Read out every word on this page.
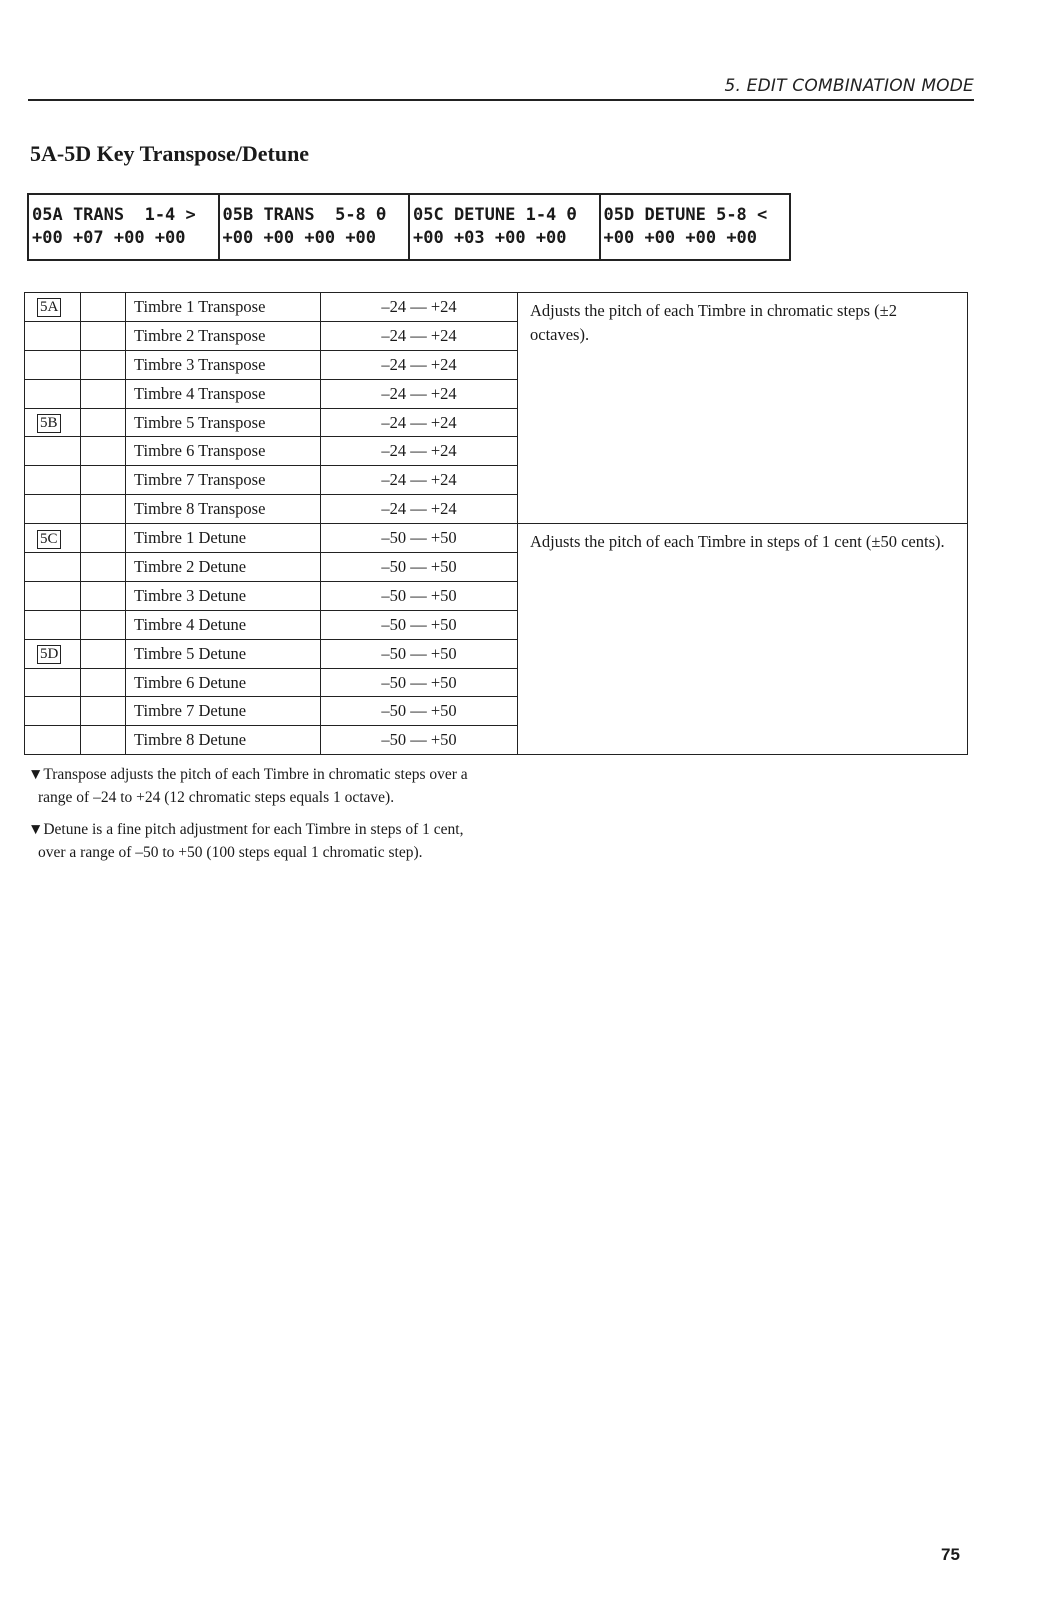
5. EDIT COMBINATION MODE
5A-5D Key Transpose/Detune
05A TRANS  1-4 >
+00 +07 +00 +00
05B TRANS  5-8 θ
+00 +00 +00 +00
05C DETUNE 1-4 θ
+00 +03 +00 +00
05D DETUNE 5-8 <
+00 +00 +00 +00
5A		Timbre 1 Transpose	–24 — +24	Adjusts the pitch of each Timbre in chromatic steps (±2 octaves).
		Timbre 2 Transpose	–24 — +24	
		Timbre 3 Transpose	–24 — +24	
		Timbre 4 Transpose	–24 — +24	
5B		Timbre 5 Transpose	–24 — +24	
		Timbre 6 Transpose	–24 — +24	
		Timbre 7 Transpose	–24 — +24	
		Timbre 8 Transpose	–24 — +24	
5C		Timbre 1 Detune	–50 — +50	Adjusts the pitch of each Timbre in steps of 1 cent (±50 cents).
		Timbre 2 Detune	–50 — +50	
		Timbre 3 Detune	–50 — +50	
		Timbre 4 Detune	–50 — +50	
5D		Timbre 5 Detune	–50 — +50	
		Timbre 6 Detune	–50 — +50	
		Timbre 7 Detune	–50 — +50	
		Timbre 8 Detune	–50 — +50	

▼Transpose adjusts the pitch of each Timbre in chromatic steps over a range of –24 to +24 (12 chromatic steps equals 1 octave).

▼Detune is a fine pitch adjustment for each Timbre in steps of 1 cent, over a range of –50 to +50 (100 steps equal 1 chromatic step).

75
